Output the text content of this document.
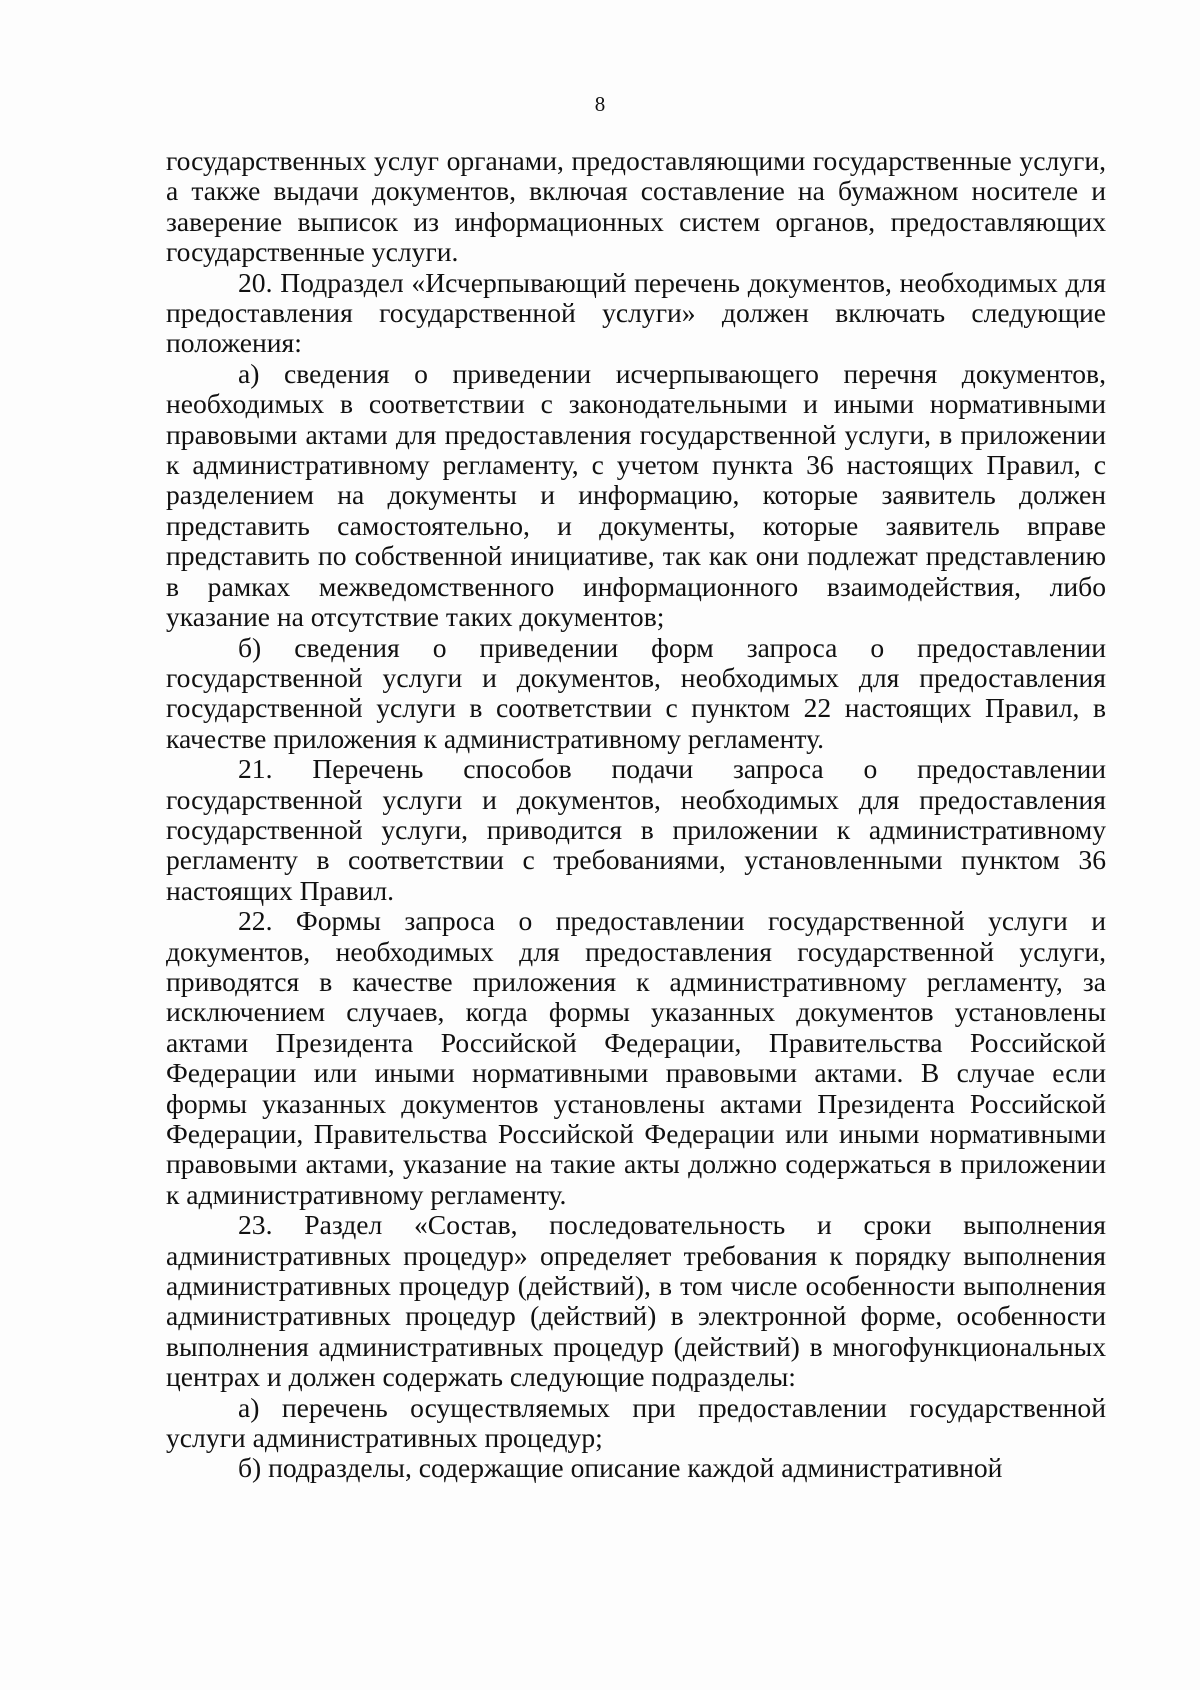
8

государственных услуг органами, предоставляющими государственные услуги, а также выдачи документов, включая составление на бумажном носителе и заверение выписок из информационных систем органов, предоставляющих государственные услуги.

20. Подраздел «Исчерпывающий перечень документов, необходимых для предоставления государственной услуги» должен включать следующие положения:

а) сведения о приведении исчерпывающего перечня документов, необходимых в соответствии с законодательными и иными нормативными правовыми актами для предоставления государственной услуги, в приложении к административному регламенту, с учетом пункта 36 настоящих Правил, с разделением на документы и информацию, которые заявитель должен представить самостоятельно, и документы, которые заявитель вправе представить по собственной инициативе, так как они подлежат представлению в рамках межведомственного информационного взаимодействия, либо указание на отсутствие таких документов;

б) сведения о приведении форм запроса о предоставлении государственной услуги и документов, необходимых для предоставления государственной услуги в соответствии с пунктом 22 настоящих Правил, в качестве приложения к административному регламенту.

21. Перечень способов подачи запроса о предоставлении государственной услуги и документов, необходимых для предоставления государственной услуги, приводится в приложении к административному регламенту в соответствии с требованиями, установленными пунктом 36 настоящих Правил.

22. Формы запроса о предоставлении государственной услуги и документов, необходимых для предоставления государственной услуги, приводятся в качестве приложения к административному регламенту, за исключением случаев, когда формы указанных документов установлены актами Президента Российской Федерации, Правительства Российской Федерации или иными нормативными правовыми актами. В случае если формы указанных документов установлены актами Президента Российской Федерации, Правительства Российской Федерации или иными нормативными правовыми актами, указание на такие акты должно содержаться в приложении к административному регламенту.

23. Раздел «Состав, последовательность и сроки выполнения административных процедур» определяет требования к порядку выполнения административных процедур (действий), в том числе особенности выполнения административных процедур (действий) в электронной форме, особенности выполнения административных процедур (действий) в многофункциональных центрах и должен содержать следующие подразделы:

а) перечень осуществляемых при предоставлении государственной услуги административных процедур;

б) подразделы, содержащие описание каждой административной
